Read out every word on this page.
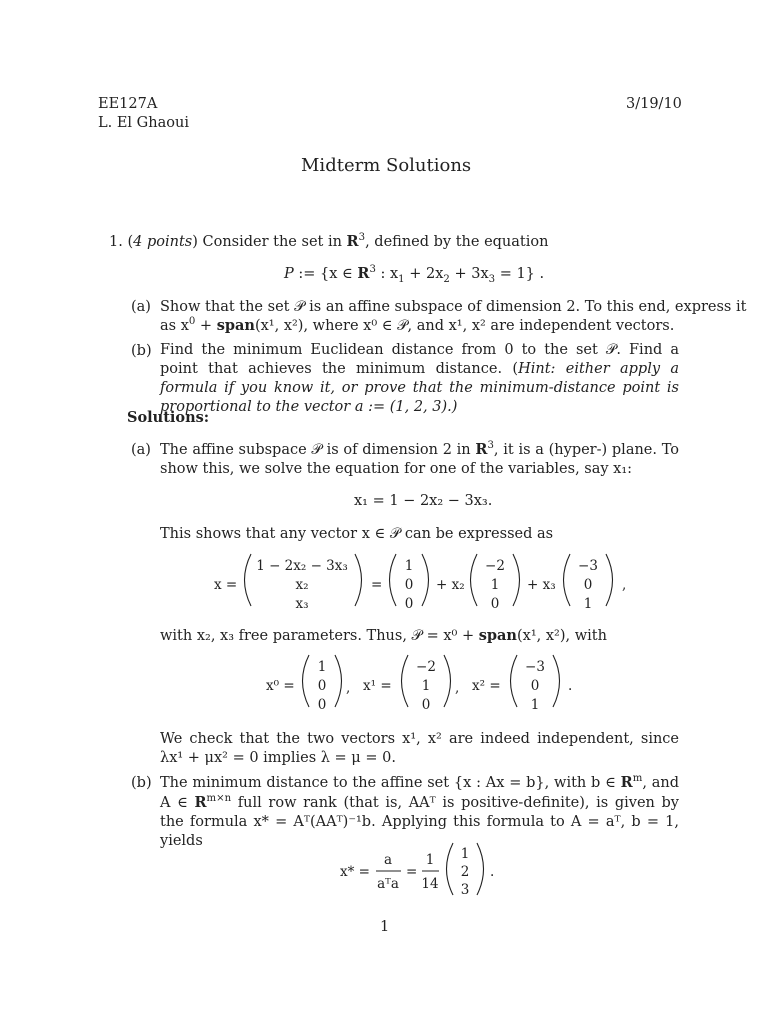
EE127A
L. El Ghaoui
3/19/10
Midterm Solutions
1. (4 points) Consider the set in $R^3$, defined by the equation
P := {x ∈ $R^3$ : $x_1 + 2x_2 + 3x_3 = 1$} .
(a) Show that the set 𝒫 is an affine subspace of dimension 2. To this end, express it
as $x^0$ + span(x¹, x²), where x⁰ ∈ 𝒫, and x¹, x² are independent vectors.
(b) Find the minimum Euclidean distance from 0 to the set 𝒫. Find a point that achieves the minimum distance. (Hint: either apply a formula if you know it, or prove that the minimum-distance point is proportional to the vector a := (1, 2, 3).)
Solutions:
(a) The affine subspace 𝒫 is of dimension 2 in $R^3$, it is a (hyper-) plane. To show this, we solve the equation for one of the variables, say x₁:
x₁ = 1 − 2x₂ − 3x₃.
This shows that any vector x ∈ 𝒫 can be expressed as
x =
1 − 2x₂ − 3x₃
x₂
x₃
=
1
0
0
+ x₂
−2
1
0
+ x₃
−3
0
1
,
x⁰ =
1
0
0
, x¹ =
−2
1
0
, x² =
−3
0
1
.
x* =
a
aᵀa
=
1
14
1
2
3
.
with x₂, x₃ free parameters. Thus, 𝒫 = x⁰ + span(x¹, x²), with
We check that the two vectors x¹, x² are indeed independent, since λx¹ + μx² = 0 implies λ = μ = 0.
(b) The minimum distance to the affine set {x : Ax = b}, with b ∈ $R^m$, and A ∈ $R^{m\times n}$ full row rank (that is, AAᵀ is positive-definite), is given by the formula x* = Aᵀ(AAᵀ)⁻¹b. Applying this formula to A = aᵀ, b = 1, yields
1
